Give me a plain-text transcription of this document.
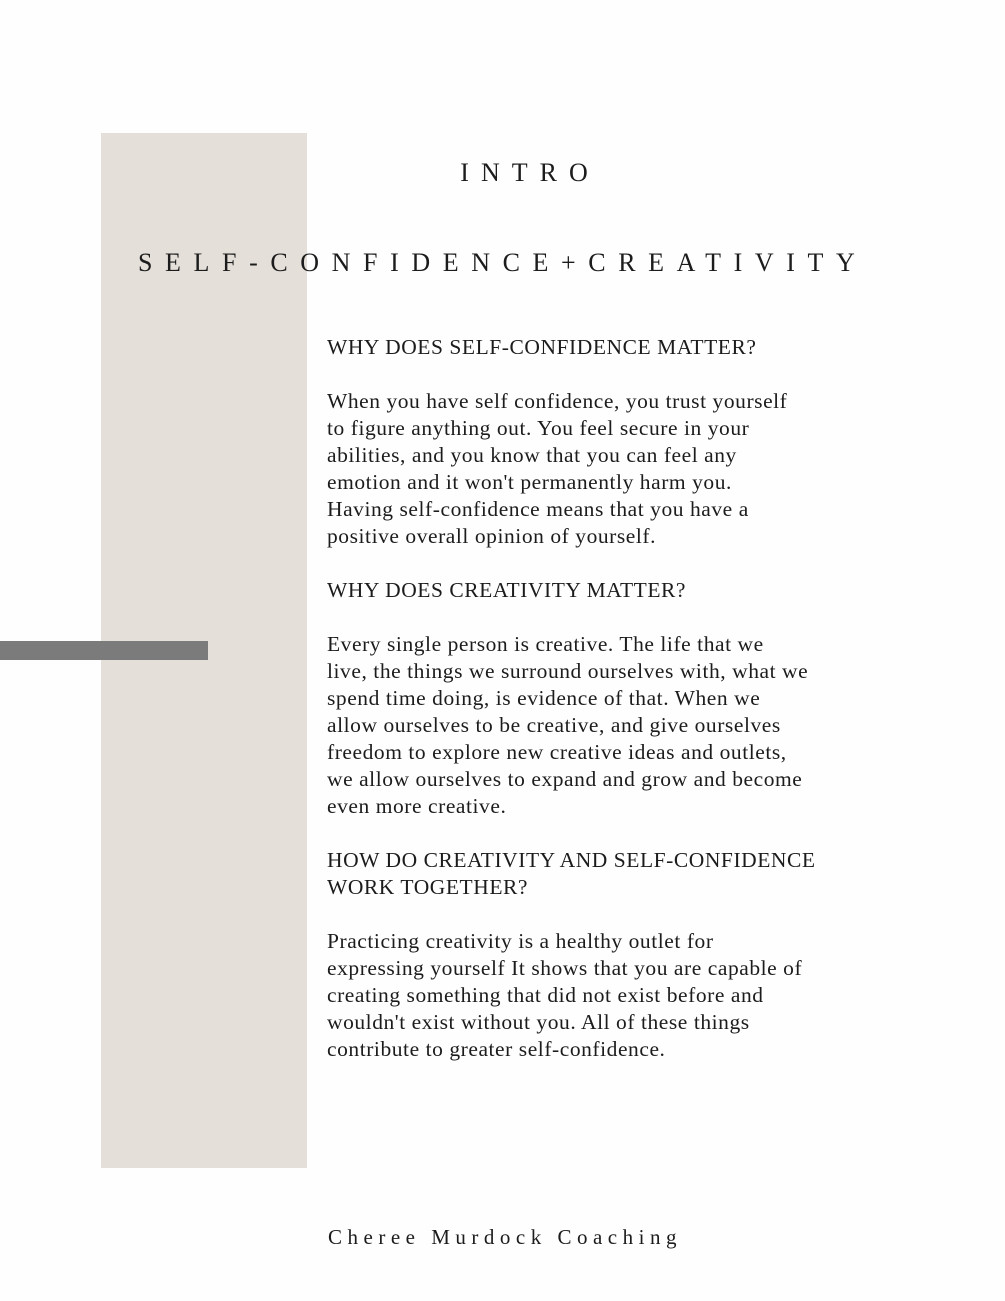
INTRO
SELF-CONFIDENCE+CREATIVITY

WHY DOES SELF-CONFIDENCE MATTER?

When you have self confidence, you trust yourself
to figure anything out. You feel secure in your
abilities, and you know that you can feel any
emotion and it won't permanently harm you.
Having self-confidence means that you have a
positive overall opinion of yourself.

WHY DOES CREATIVITY MATTER?

Every single person is creative. The life that we
live, the things we surround ourselves with, what we
spend time doing, is evidence of that. When we
allow ourselves to be creative, and give ourselves
freedom to explore new creative ideas and outlets,
we allow ourselves to expand and grow and become
even more creative.

HOW DO CREATIVITY AND SELF-CONFIDENCE
WORK TOGETHER?

Practicing creativity is a healthy outlet for
expressing yourself It shows that you are capable of
creating something that did not exist before and
wouldn't exist without you. All of these things
contribute to greater self-confidence.

Cheree Murdock Coaching
